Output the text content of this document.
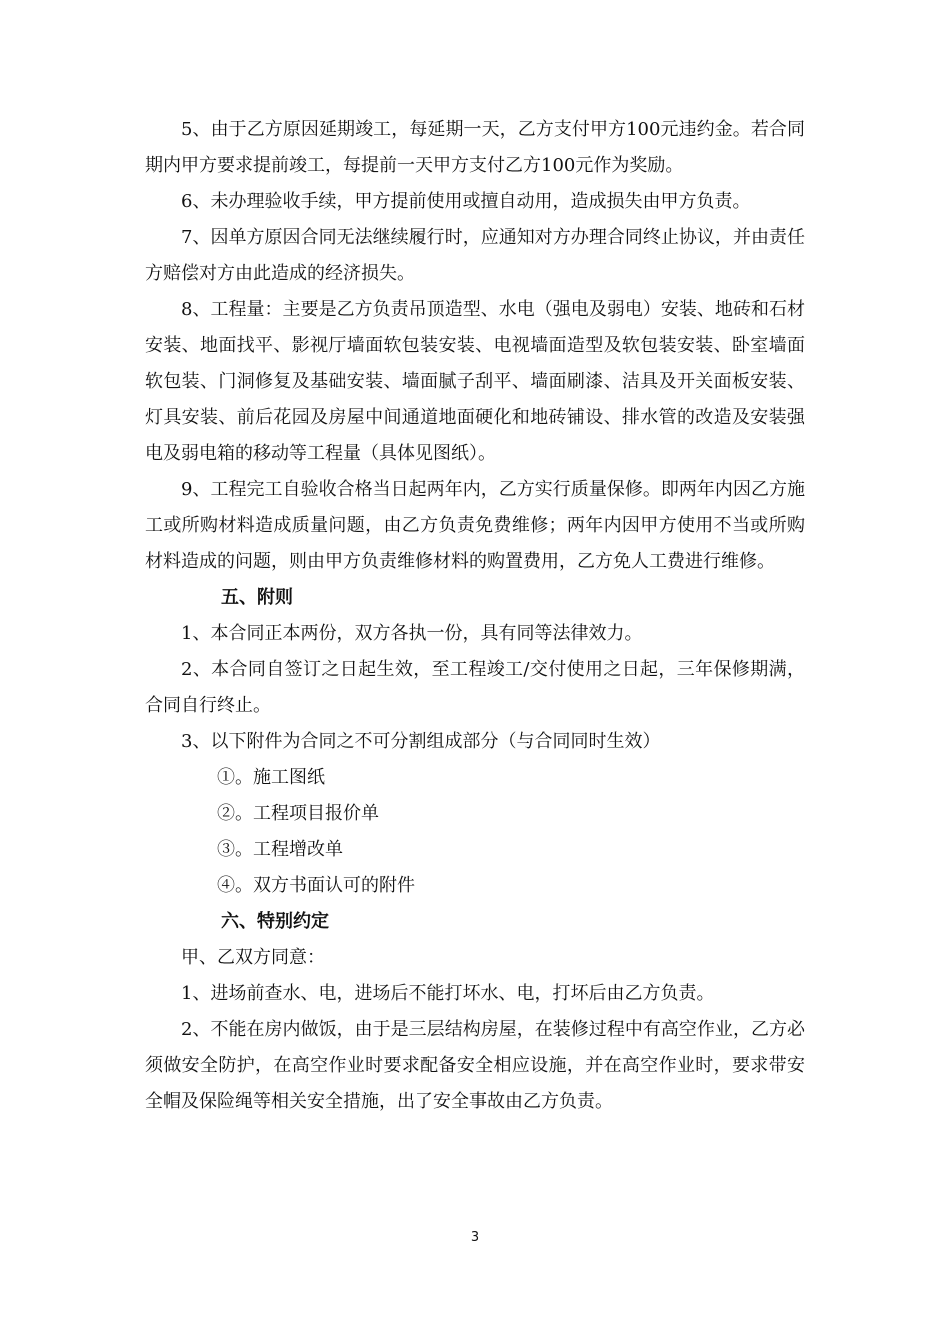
5、由于乙方原因延期竣工，每延期一天，乙方支付甲方100元违约金。若合同期内甲方要求提前竣工，每提前一天甲方支付乙方100元作为奖励。

6、未办理验收手续，甲方提前使用或擅自动用，造成损失由甲方负责。

7、因单方原因合同无法继续履行时，应通知对方办理合同终止协议，并由责任方赔偿对方由此造成的经济损失。

8、工程量：主要是乙方负责吊顶造型、水电（强电及弱电）安装、地砖和石材安装、地面找平、影视厅墙面软包装安装、电视墙面造型及软包装安装、卧室墙面软包装、门洞修复及基础安装、墙面腻子刮平、墙面刷漆、洁具及开关面板安装、灯具安装、前后花园及房屋中间通道地面硬化和地砖铺设、排水管的改造及安装强电及弱电箱的移动等工程量（具体见图纸）。

9、工程完工自验收合格当日起两年内，乙方实行质量保修。即两年内因乙方施工或所购材料造成质量问题，由乙方负责免费维修；两年内因甲方使用不当或所购材料造成的问题，则由甲方负责维修材料的购置费用，乙方免人工费进行维修。

五、附则

1、本合同正本两份，双方各执一份，具有同等法律效力。

2、本合同自签订之日起生效，至工程竣工/交付使用之日起，三年保修期满，合同自行终止。

3、以下附件为合同之不可分割组成部分（与合同同时生效）

①。施工图纸

②。工程项目报价单

③。工程增改单

④。双方书面认可的附件

六、特别约定

甲、乙双方同意：

1、进场前查水、电，进场后不能打坏水、电，打坏后由乙方负责。

2、不能在房内做饭，由于是三层结构房屋，在装修过程中有高空作业，乙方必须做安全防护，在高空作业时要求配备安全相应设施，并在高空作业时，要求带安全帽及保险绳等相关安全措施，出了安全事故由乙方负责。

3
